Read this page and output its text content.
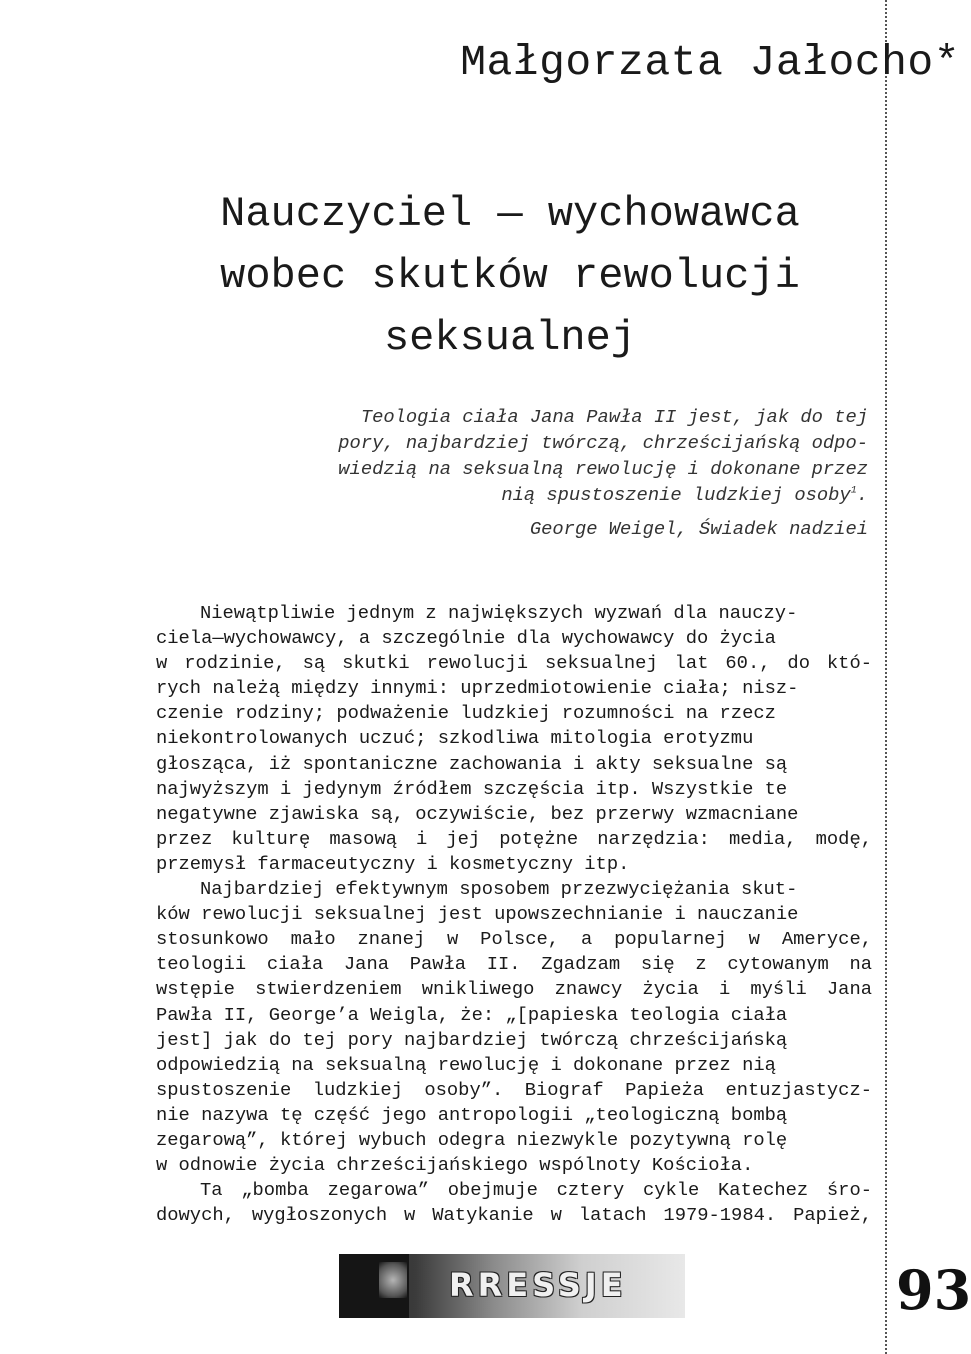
Małgorzata Jałocho*
Nauczyciel — wychowawca
wobec skutków rewolucji
seksualnej
Teologia ciała Jana Pawła II jest, jak do tej
pory, najbardziej twórczą, chrześcijańską odpo-
wiedzią na seksualną rewolucję i dokonane przez
nią spustoszenie ludzkiej osoby$^1$.
George Weigel, Świadek nadziei
Niewątpliwie jednym z największych wyzwań dla nauczy-
ciela—wychowawcy, a szczególnie dla wychowawcy do życia
w rodzinie, są skutki rewolucji seksualnej lat 60., do któ-
rych należą między innymi: uprzedmiotowienie ciała; nisz-
czenie rodziny; podważenie ludzkiej rozumności na rzecz
niekontrolowanych uczuć; szkodliwa mitologia erotyzmu
głosząca, iż spontaniczne zachowania i akty seksualne są
najwyższym i jedynym źródłem szczęścia itp. Wszystkie te
negatywne zjawiska są, oczywiście, bez przerwy wzmacniane
przez kulturę masową i jej potężne narzędzia: media, modę,
przemysł farmaceutyczny i kosmetyczny itp.
Najbardziej efektywnym sposobem przezwyciężania skut-
ków rewolucji seksualnej jest upowszechnianie i nauczanie
stosunkowo mało znanej w Polsce, a popularnej w Ameryce,
teologii ciała Jana Pawła II. Zgadzam się z cytowanym na
wstępie stwierdzeniem wnikliwego znawcy życia i myśli Jana
Pawła II, George’a Weigla, że: „[papieska teologia ciała
jest] jak do tej pory najbardziej twórczą chrześcijańską
odpowiedzią na seksualną rewolucję i dokonane przez nią
spustoszenie ludzkiej osoby”. Biograf Papieża entuzjastycz-
nie nazywa tę część jego antropologii „teologiczną bombą
zegarową”, której wybuch odegra niezwykle pozytywną rolę
w odnowie życia chrześcijańskiego wspólnoty Kościoła.
Ta „bomba zegarowa” obejmuje cztery cykle Katechez śro-
dowych, wygłoszonych w Watykanie w latach 1979-1984. Papież,
RRESSJE	93
